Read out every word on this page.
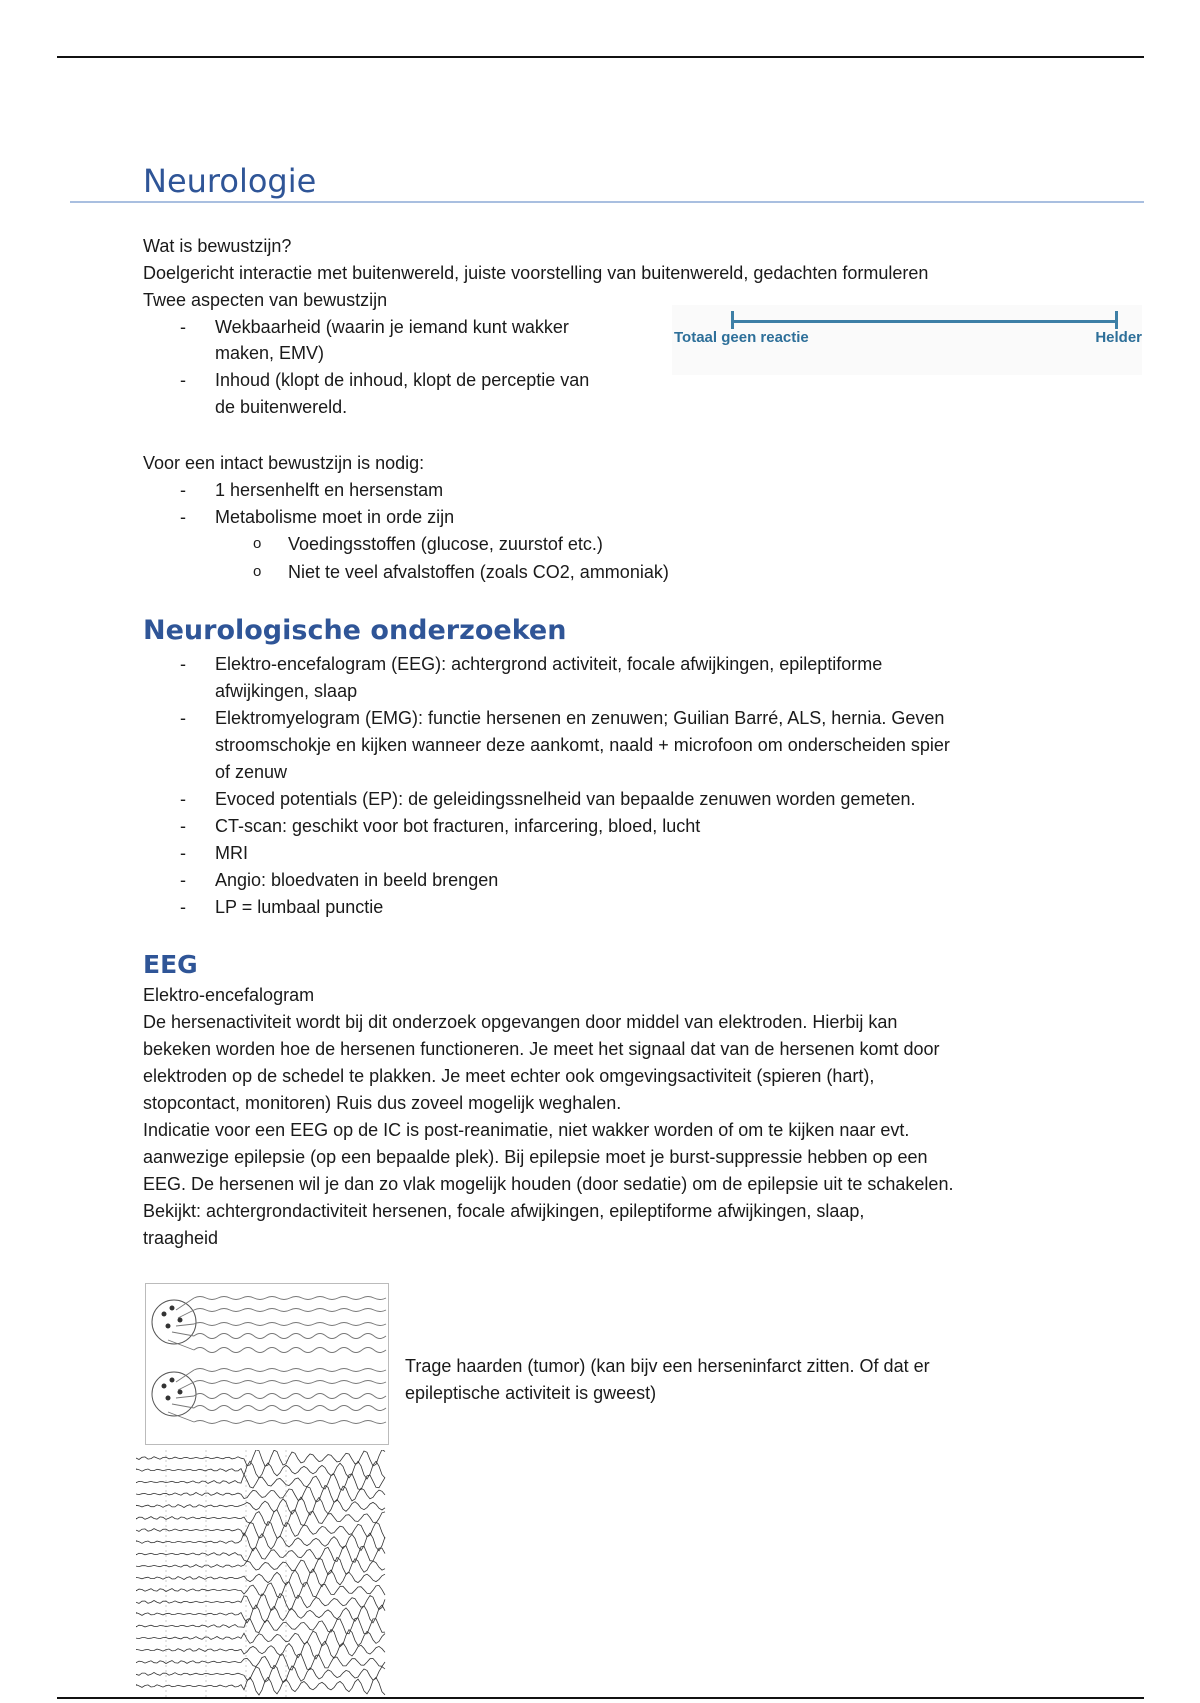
Neurologie

Wat is bewustzijn?

Doelgericht interactie met buitenwereld, juiste voorstelling van buitenwereld, gedachten formuleren

Twee aspecten van bewustzijn

- Wekbaarheid (waarin je iemand kunt wakker

maken, EMV)

- Inhoud (klopt de inhoud, klopt de perceptie van

de buitenwereld.

Totaal geen reactie	Helder

Voor een intact bewustzijn is nodig:

- 1 hersenhelft en hersenstam

- Metabolisme moet in orde zijn

o Voedingsstoffen (glucose, zuurstof etc.)

o Niet te veel afvalstoffen (zoals CO2, ammoniak)

Neurologische onderzoeken
- Elektro-encefalogram (EEG): achtergrond activiteit, focale afwijkingen, epileptiforme

afwijkingen, slaap

- Elektromyelogram (EMG): functie hersenen en zenuwen; Guilian Barré, ALS, hernia. Geven

stroomschokje en kijken wanneer deze aankomt, naald + microfoon om onderscheiden spier

of zenuw

- Evoced potentials (EP): de geleidingssnelheid van bepaalde zenuwen worden gemeten.

- CT-scan: geschikt voor bot fracturen, infarcering, bloed, lucht

- MRI

- Angio: bloedvaten in beeld brengen

- LP = lumbaal punctie

EEG

Elektro-encefalogram

De hersenactiviteit wordt bij dit onderzoek opgevangen door middel van elektroden. Hierbij kan

bekeken worden hoe de hersenen functioneren. Je meet het signaal dat van de hersenen komt door

elektroden op de schedel te plakken. Je meet echter ook omgevingsactiviteit (spieren (hart),

stopcontact, monitoren) Ruis dus zoveel mogelijk weghalen.

Indicatie voor een EEG op de IC is post-reanimatie, niet wakker worden of om te kijken naar evt.

aanwezige epilepsie (op een bepaalde plek). Bij epilepsie moet je burst-suppressie hebben op een

EEG. De hersenen wil je dan zo vlak mogelijk houden (door sedatie) om de epilepsie uit te schakelen.

Bekijkt: achtergrondactiviteit hersenen, focale afwijkingen, epileptiforme afwijkingen, slaap,

traagheid

Trage haarden (tumor) (kan bijv een herseninfarct zitten. Of dat er

epileptische activiteit is gweest)
